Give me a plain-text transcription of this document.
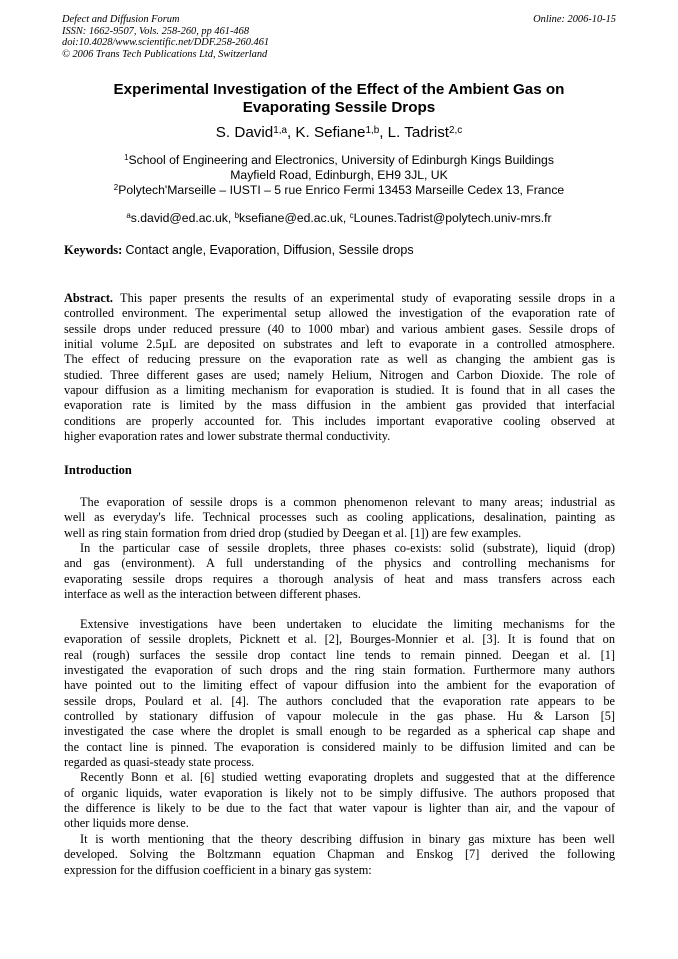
Defect and Diffusion Forum
ISSN: 1662-9507, Vols. 258-260, pp 461-468
doi:10.4028/www.scientific.net/DDF.258-260.461
© 2006 Trans Tech Publications Ltd, Switzerland
Online: 2006-10-15
Experimental Investigation of the Effect of the Ambient Gas on
Evaporating Sessile Drops
S. David$^{1,a}$, K. Sefiane$^{1,b}$, L. Tadrist$^{2,c}$
$^1$School of Engineering and Electronics, University of Edinburgh Kings Buildings
Mayfield Road, Edinburgh, EH9 3JL, UK
$^2$Polytech'Marseille – IUSTI – 5 rue Enrico Fermi 13453 Marseille Cedex 13, France
$^a$s.david@ed.ac.uk, $^b$ksefiane@ed.ac.uk, $^c$Lounes.Tadrist@polytech.univ-mrs.fr
Keywords: Contact angle, Evaporation, Diffusion, Sessile drops
Abstract. This paper presents the results of an experimental study of evaporating sessile drops in a
controlled environment. The experimental setup allowed the investigation of the evaporation rate of
sessile drops under reduced pressure (40 to 1000 mbar) and various ambient gases. Sessile drops of
initial volume 2.5µL are deposited on substrates and left to evaporate in a controlled atmosphere.
The effect of reducing pressure on the evaporation rate as well as changing the ambient gas is
studied. Three different gases are used; namely Helium, Nitrogen and Carbon Dioxide. The role of
vapour diffusion as a limiting mechanism for evaporation is studied. It is found that in all cases the
evaporation rate is limited by the mass diffusion in the ambient gas provided that interfacial
conditions are properly accounted for. This includes important evaporative cooling observed at
higher evaporation rates and lower substrate thermal conductivity.
Introduction
The evaporation of sessile drops is a common phenomenon relevant to many areas; industrial as
well as everyday's life. Technical processes such as cooling applications, desalination, painting as
well as ring stain formation from dried drop (studied by Deegan et al. [1]) are few examples.
In the particular case of sessile droplets, three phases co-exists: solid (substrate), liquid (drop)
and gas (environment). A full understanding of the physics and controlling mechanisms for
evaporating sessile drops requires a thorough analysis of heat and mass transfers across each
interface as well as the interaction between different phases.
Extensive investigations have been undertaken to elucidate the limiting mechanisms for the
evaporation of sessile droplets, Picknett et al. [2], Bourges-Monnier et al. [3]. It is found that on
real (rough) surfaces the sessile drop contact line tends to remain pinned. Deegan et al. [1]
investigated the evaporation of such drops and the ring stain formation. Furthermore many authors
have pointed out to the limiting effect of vapour diffusion into the ambient for the evaporation of
sessile drops, Poulard et al. [4]. The authors concluded that the evaporation rate appears to be
controlled by stationary diffusion of vapour molecule in the gas phase. Hu & Larson [5]
investigated the case where the droplet is small enough to be regarded as a spherical cap shape and
the contact line is pinned. The evaporation is considered mainly to be diffusion limited and can be
regarded as quasi-steady state process.
Recently Bonn et al. [6] studied wetting evaporating droplets and suggested that at the difference
of organic liquids, water evaporation is likely not to be simply diffusive. The authors proposed that
the difference is likely to be due to the fact that water vapour is lighter than air, and the vapour of
other liquids more dense.
It is worth mentioning that the theory describing diffusion in binary gas mixture has been well
developed. Solving the Boltzmann equation Chapman and Enskog [7] derived the following
expression for the diffusion coefficient in a binary gas system:
